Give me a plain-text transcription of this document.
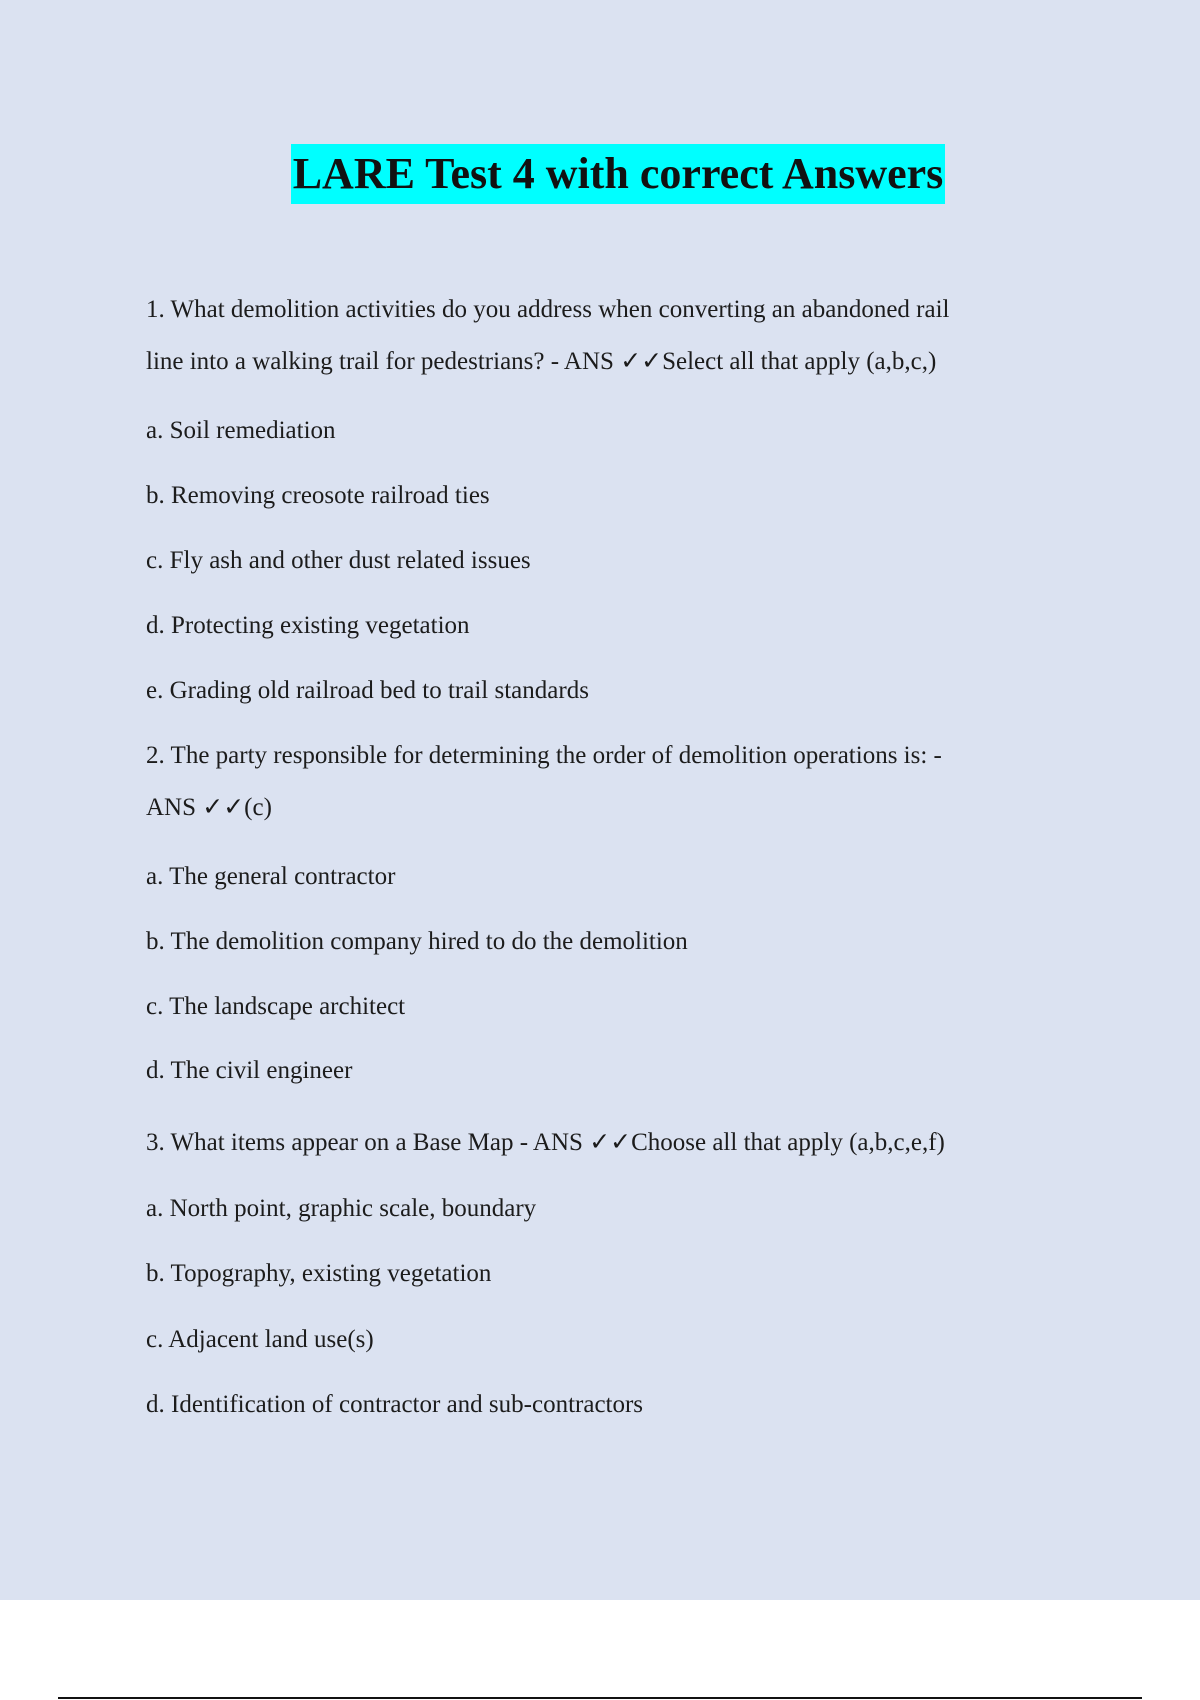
LARE Test 4 with correct Answers
1. What demolition activities do you address when converting an abandoned rail
line into a walking trail for pedestrians? - ANS ✓✓Select all that apply (a,b,c,)
a. Soil remediation
b. Removing creosote railroad ties
c. Fly ash and other dust related issues
d. Protecting existing vegetation
e. Grading old railroad bed to trail standards
2. The party responsible for determining the order of demolition operations is: -
ANS ✓✓(c)
a. The general contractor
b. The demolition company hired to do the demolition
c. The landscape architect
d. The civil engineer
3. What items appear on a Base Map - ANS ✓✓Choose all that apply (a,b,c,e,f)
a. North point, graphic scale, boundary
b. Topography, existing vegetation
c. Adjacent land use(s)
d. Identification of contractor and sub-contractors
